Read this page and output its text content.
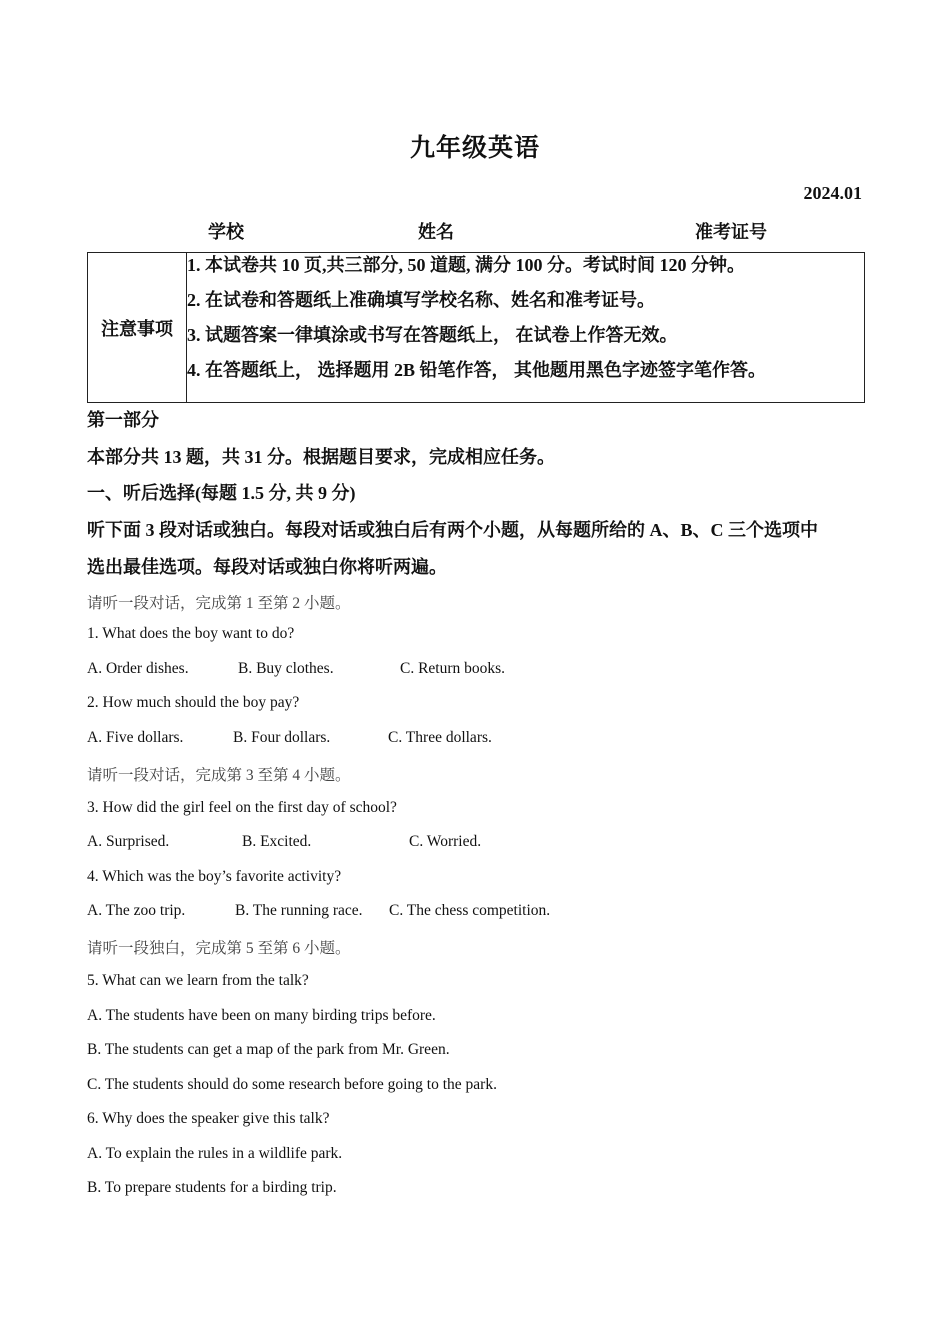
九年级英语
2024.01
学校	姓名	准考证号
注意事项	
1. 本试卷共 10 页,共三部分, 50 道题, 满分 100 分。考试时间 120 分钟。
2. 在试卷和答题纸上准确填写学校名称、姓名和准考证号。
3. 试题答案一律填涂或书写在答题纸上， 在试卷上作答无效。
4. 在答题纸上， 选择题用 2B 铅笔作答， 其他题用黑色字迹签字笔作答。
第一部分
本部分共 13 题，共 31 分。根据题目要求，完成相应任务。
一、听后选择(每题 1.5 分, 共 9 分)
听下面 3 段对话或独白。每段对话或独白后有两个小题，从每题所给的 A、B、C 三个选项中
选出最佳选项。每段对话或独白你将听两遍。
请听一段对话，完成第 1 至第 2 小题。
1. What does the boy want to do?
A. Order dishes.	B. Buy clothes.	C. Return books.
2. How much should the boy pay?
A. Five dollars.	B. Four dollars.	C. Three dollars.
请听一段对话，完成第 3 至第 4 小题。
3. How did the girl feel on the first day of school?
A. Surprised.	B. Excited.	C. Worried.
4. Which was the boy’s favorite activity?
A. The zoo trip.	B. The running race. C. The chess competition.
请听一段独白，完成第 5 至第 6 小题。
5. What can we learn from the talk?
A. The students have been on many birding trips before.
B. The students can get a map of the park from Mr. Green.
C. The students should do some research before going to the park.
6. Why does the speaker give this talk?
A. To explain the rules in a wildlife park.
B. To prepare students for a birding trip.
